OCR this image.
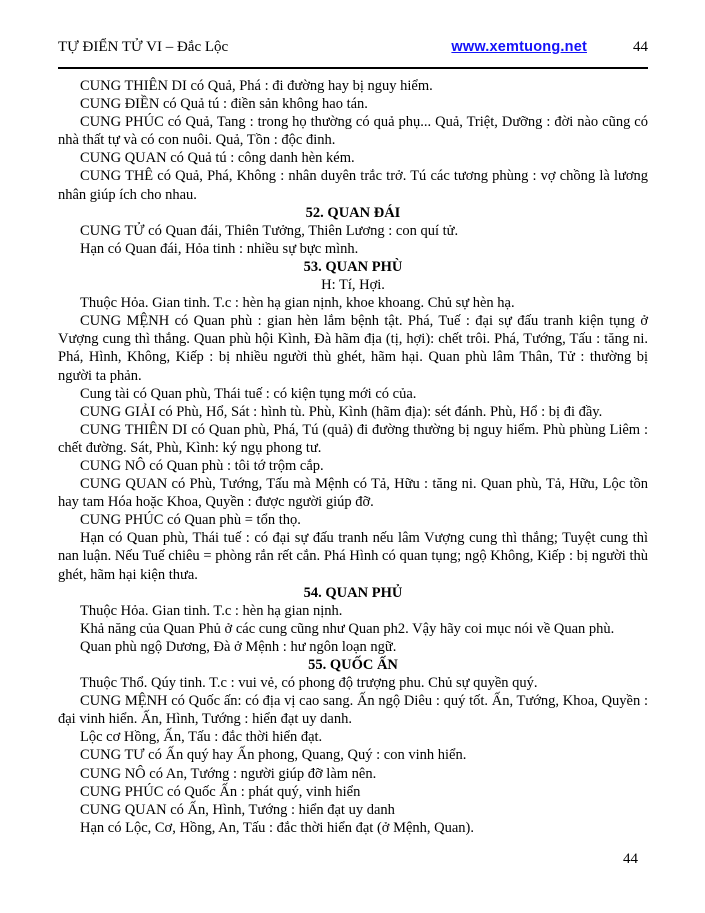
TỰ ĐIỂN TỬ VI – Đắc Lộc	www.xemtuong.net	44

CUNG THIÊN DI có Quả, Phá : đi đường hay bị nguy hiểm.

CUNG ĐIỀN có Quả tú : điền sản không hao tán.

CUNG PHÚC có Quả, Tang : trong họ thường có quả phụ... Quả, Triệt, Dưỡng : đời nào cũng có nhà thất tự và có con nuôi. Quả, Tồn : độc đinh.

CUNG QUAN có Quả tú : công danh hèn kém.

CUNG THÊ có Quả, Phá, Không : nhân duyên trắc trở. Tú các tương phùng : vợ chồng là lương nhân giúp ích cho nhau.

52. QUAN ĐÁI

CUNG TỬ có Quan đái, Thiên Tưởng, Thiên Lương : con quí tử.

Hạn có Quan đái, Hỏa tinh : nhiều sự bực mình.

53. QUAN PHÙ

H: Tí, Hợi.

Thuộc Hỏa. Gian tinh. T.c : hèn hạ gian nịnh, khoe khoang. Chủ sự hèn hạ.

CUNG MỆNH có Quan phù : gian hèn lắm bệnh tật. Phá, Tuế : đại sự đấu tranh kiện tụng ở Vượng cung thì thắng. Quan phù hội Kình, Đà hãm địa (tị, hợi): chết trôi. Phá, Tướng, Tấu : tăng ni. Phá, Hình, Không, Kiếp : bị nhiều người thù ghét, hãm hại. Quan phù lâm Thân, Tử : thường bị người ta phản.

Cung tài có Quan phù, Thái tuế : có kiện tụng mới có của.

CUNG GIẢI có Phù, Hổ, Sát : hình tù. Phù, Kình (hãm địa): sét đánh. Phù, Hổ : bị đi đầy.

CUNG THIÊN DI có Quan phù, Phá, Tú (quả) đi đường thường bị nguy hiểm. Phù phùng Liêm : chết đường. Sát, Phù, Kình: ký ngụ phong tư.

CUNG NÔ có Quan phù : tôi tớ trộm cắp.

CUNG QUAN có Phù, Tướng, Tấu mà Mệnh có Tả, Hữu : tăng ni. Quan phù, Tả, Hữu, Lộc tồn hay tam Hóa hoặc Khoa, Quyền : được người giúp đỡ.

CUNG PHÚC có Quan phù = tổn thọ.

Hạn có Quan phù, Thái tuế : có đại sự đấu tranh nếu lâm Vượng cung thì thắng; Tuyệt cung thì nan luận. Nếu Tuế chiêu = phòng rắn rết cắn. Phá Hình có quan tụng; ngộ Không, Kiếp : bị người thù ghét, hãm hại kiện thưa.

54. QUAN PHỦ

Thuộc Hỏa. Gian tinh. T.c : hèn hạ gian nịnh.

Khả năng của Quan Phủ ở các cung cũng như Quan ph2. Vậy hãy coi mục nói về Quan phù.

Quan phù ngộ Dương, Đà ở Mệnh : hư ngôn loạn ngữ.

55. QUỐC ẤN

Thuộc Thổ. Qúy tinh. T.c : vui vẻ, có phong độ trượng phu. Chủ sự quyền quý.

CUNG MỆNH có Quốc ấn: có địa vị cao sang. Ấn ngộ Diêu : quý tốt. Ấn, Tướng, Khoa, Quyền : đại vinh hiển. Ấn, Hình, Tướng : hiển đạt uy danh.

Lộc cơ Hồng, Ấn, Tấu : đắc thời hiển đạt.

CUNG TƯ có Ấn quý hay Ấn phong, Quang, Quý : con vinh hiển.

CUNG NÔ có An, Tướng : người giúp đỡ làm nên.

CUNG PHÚC có Quốc Ấn : phát quý, vinh hiển

CUNG QUAN có Ấn, Hình, Tướng : hiển đạt uy danh

Hạn có Lộc, Cơ, Hồng, An, Tấu : đắc thời hiển đạt (ở Mệnh, Quan).

44
